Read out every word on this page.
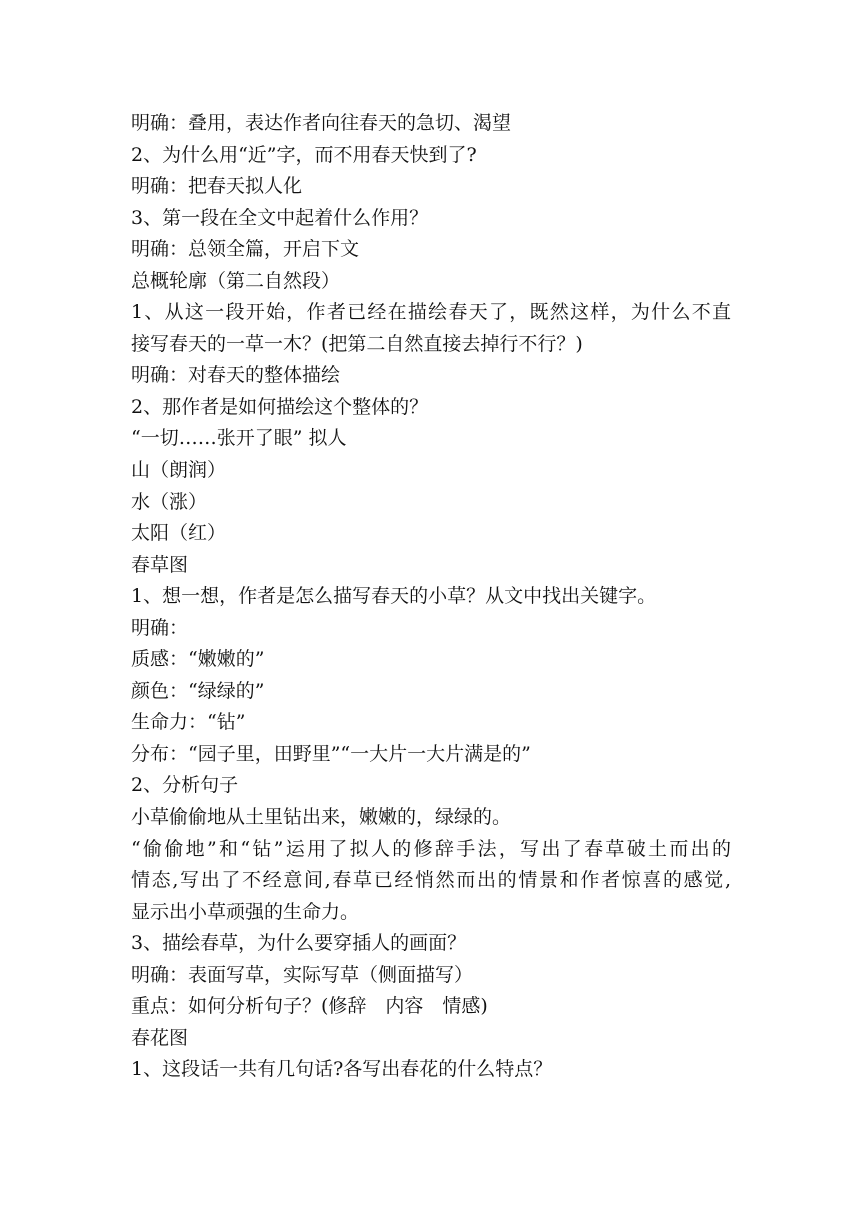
明确：叠用，表达作者向往春天的急切、渴望
2、为什么用“近”字，而不用春天快到了?
明确：把春天拟人化
3、第一段在全文中起着什么作用？
明确：总领全篇，开启下文
总概轮廓（第二自然段）
1、从这一段开始，作者已经在描绘春天了，既然这样，为什么不直
接写春天的一草一木？(把第二自然直接去掉行不行？)
明确：对春天的整体描绘
2、那作者是如何描绘这个整体的？
“一切……张开了眼” 拟人
山（朗润）
水（涨）
太阳（红）
春草图
1、想一想，作者是怎么描写春天的小草？从文中找出关键字。
明确：
质感：“嫩嫩的”
颜色：“绿绿的”
生命力：“钻”
分布：“园子里，田野里”“一大片一大片满是的”
2、分析句子
小草偷偷地从土里钻出来，嫩嫩的，绿绿的。
“偷偷地”和“钻”运用了拟人的修辞手法，写出了春草破土而出的
情态,写出了不经意间,春草已经悄然而出的情景和作者惊喜的感觉,
显示出小草顽强的生命力。
3、描绘春草，为什么要穿插人的画面？
明确：表面写草，实际写草（侧面描写）
重点：如何分析句子？(修辞　内容　情感)
春花图
1、这段话一共有几句话?各写出春花的什么特点？
